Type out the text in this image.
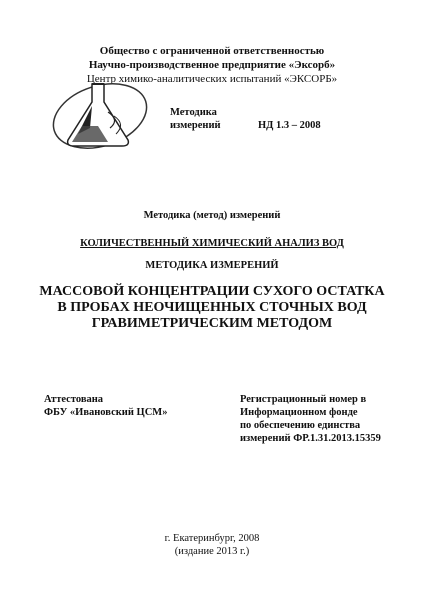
Общество с ограниченной ответственностью
Научно-производственное предприятие «Эксорб»
Центр химико-аналитических испытаний «ЭКСОРБ»
Методика
измерений	НД 1.3 – 2008
Методика (метод) измерений
КОЛИЧЕСТВЕННЫЙ ХИМИЧЕСКИЙ АНАЛИЗ ВОД
МЕТОДИКА ИЗМЕРЕНИЙ
МАССОВОЙ КОНЦЕНТРАЦИИ СУХОГО ОСТАТКА
В ПРОБАХ НЕОЧИЩЕННЫХ СТОЧНЫХ ВОД
ГРАВИМЕТРИЧЕСКИМ МЕТОДОМ
Аттестована
ФБУ «Ивановский ЦСМ»
Регистрационный номер в
Информационном фонде
по обеспечению единства
измерений ФР.1.31.2013.15359
г. Екатеринбург, 2008
(издание 2013 г.)
